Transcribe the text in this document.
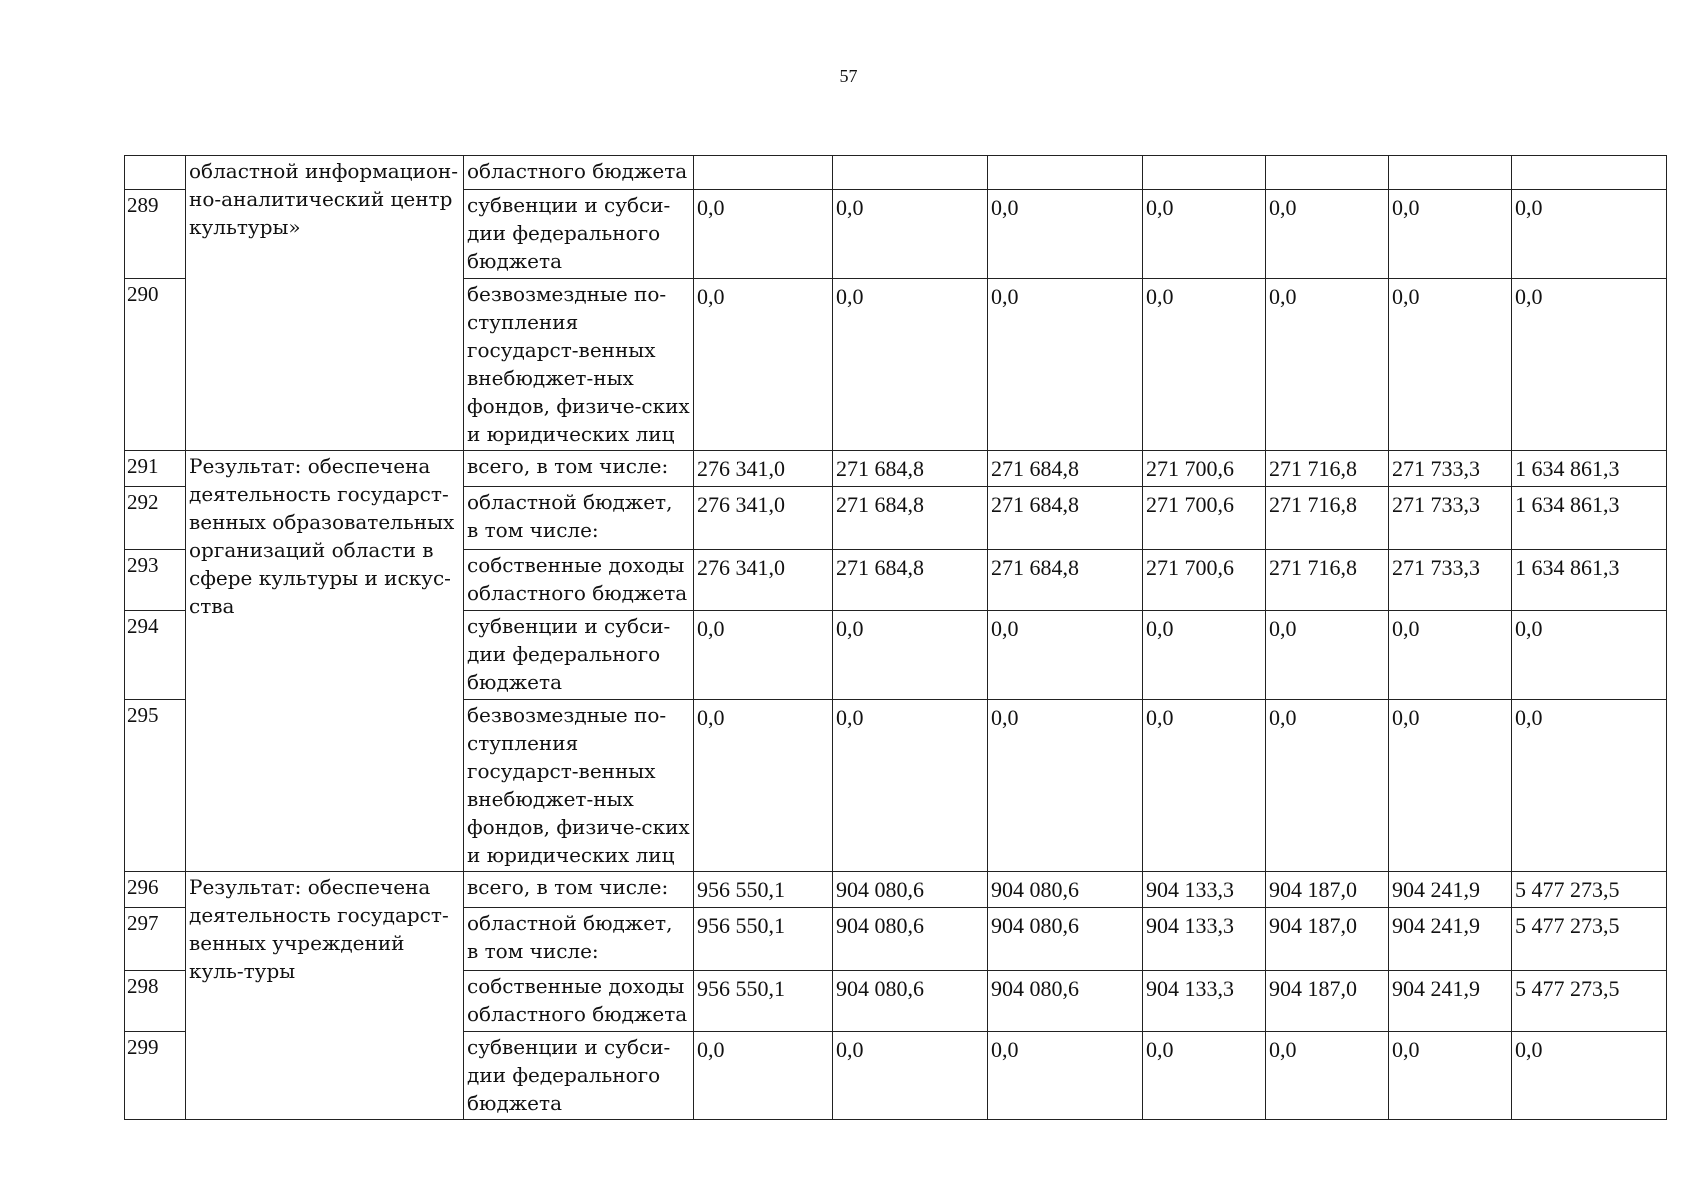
57
	областной информацион-но-аналитический центр культуры»	областного бюджета							
289		субвенции и субси-дии федерального бюджета	0,0	0,0	0,0	0,0	0,0	0,0	0,0
290		безвозмездные по-ступления государст-венных внебюджет-ных фондов, физиче-ских и юридических лиц	0,0	0,0	0,0	0,0	0,0	0,0	0,0
291	Результат: обеспечена деятельность государст-венных образовательных организаций области в сфере культуры и искус-ства	всего, в том числе:	276 341,0	271 684,8	271 684,8	271 700,6	271 716,8	271 733,3	1 634 861,3
292		областной бюджет, в том числе:	276 341,0	271 684,8	271 684,8	271 700,6	271 716,8	271 733,3	1 634 861,3
293		собственные доходы областного бюджета	276 341,0	271 684,8	271 684,8	271 700,6	271 716,8	271 733,3	1 634 861,3
294		субвенции и субси-дии федерального бюджета	0,0	0,0	0,0	0,0	0,0	0,0	0,0
295		безвозмездные по-ступления государст-венных внебюджет-ных фондов, физиче-ских и юридических лиц	0,0	0,0	0,0	0,0	0,0	0,0	0,0
296	Результат: обеспечена деятельность государст-венных учреждений куль-туры	всего, в том числе:	956 550,1	904 080,6	904 080,6	904 133,3	904 187,0	904 241,9	5 477 273,5
297		областной бюджет, в том числе:	956 550,1	904 080,6	904 080,6	904 133,3	904 187,0	904 241,9	5 477 273,5
298		собственные доходы областного бюджета	956 550,1	904 080,6	904 080,6	904 133,3	904 187,0	904 241,9	5 477 273,5
299		субвенции и субси-дии федерального бюджета	0,0	0,0	0,0	0,0	0,0	0,0	0,0
